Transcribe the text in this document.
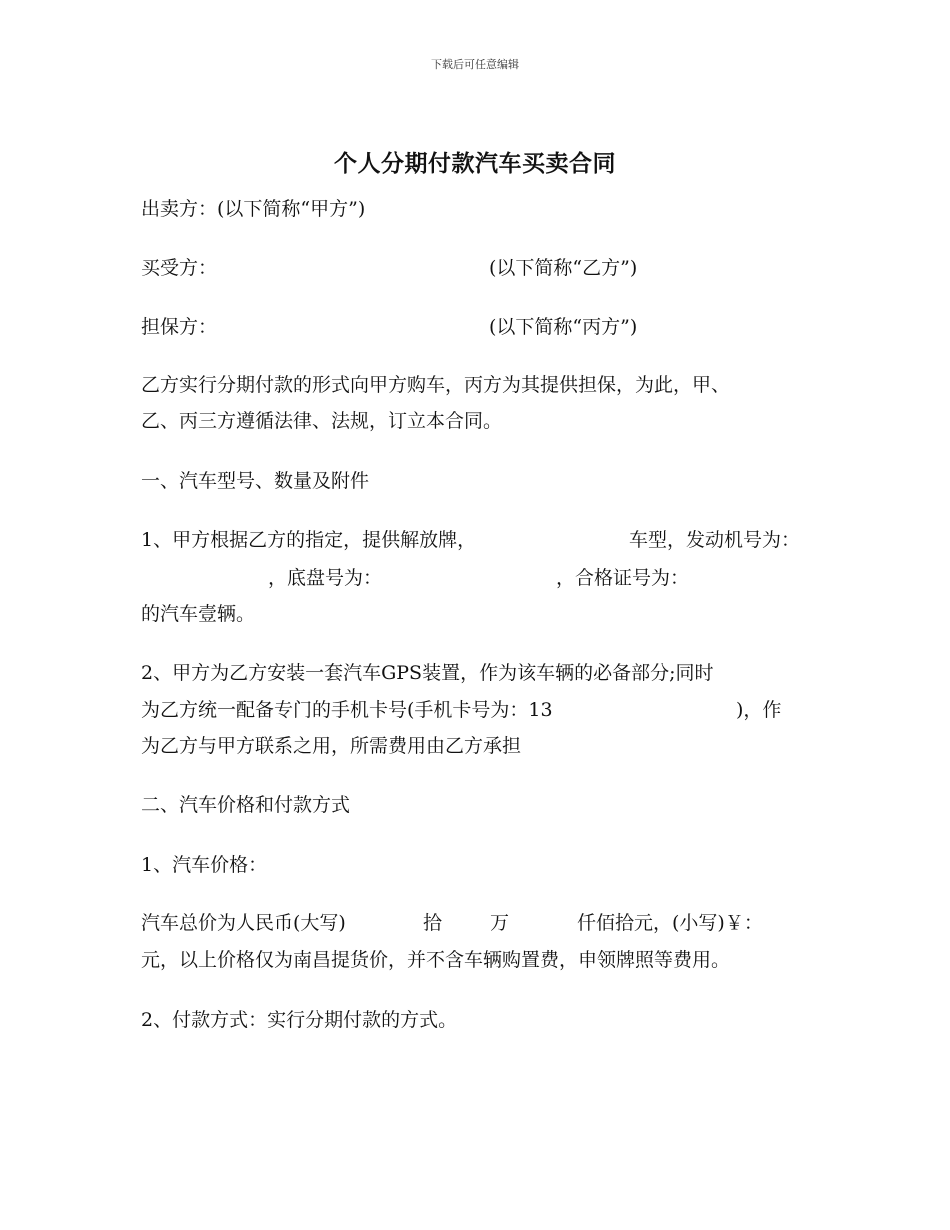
下载后可任意编辑
个人分期付款汽车买卖合同
出卖方：(以下简称“甲方”)
买受方：	(以下简称“乙方”)
担保方：	(以下简称“丙方”)
乙方实行分期付款的形式向甲方购车，丙方为其提供担保，为此，甲、
乙、丙三方遵循法律、法规，订立本合同。
一、汽车型号、数量及附件
1、甲方根据乙方的指定，提供解放牌，	车型，发动机号为：
，底盘号为：	，合格证号为：
的汽车壹辆。
2、甲方为乙方安装一套汽车GPS装置，作为该车辆的必备部分;同时
为乙方统一配备专门的手机卡号(手机卡号为：13	)，作
为乙方与甲方联系之用，所需费用由乙方承担
二、汽车价格和付款方式
1、汽车价格：
汽车总价为人民币(大写)	拾	万	仟佰拾元，(小写)￥：
元，以上价格仅为南昌提货价，并不含车辆购置费，申领牌照等费用。
2、付款方式：实行分期付款的方式。
